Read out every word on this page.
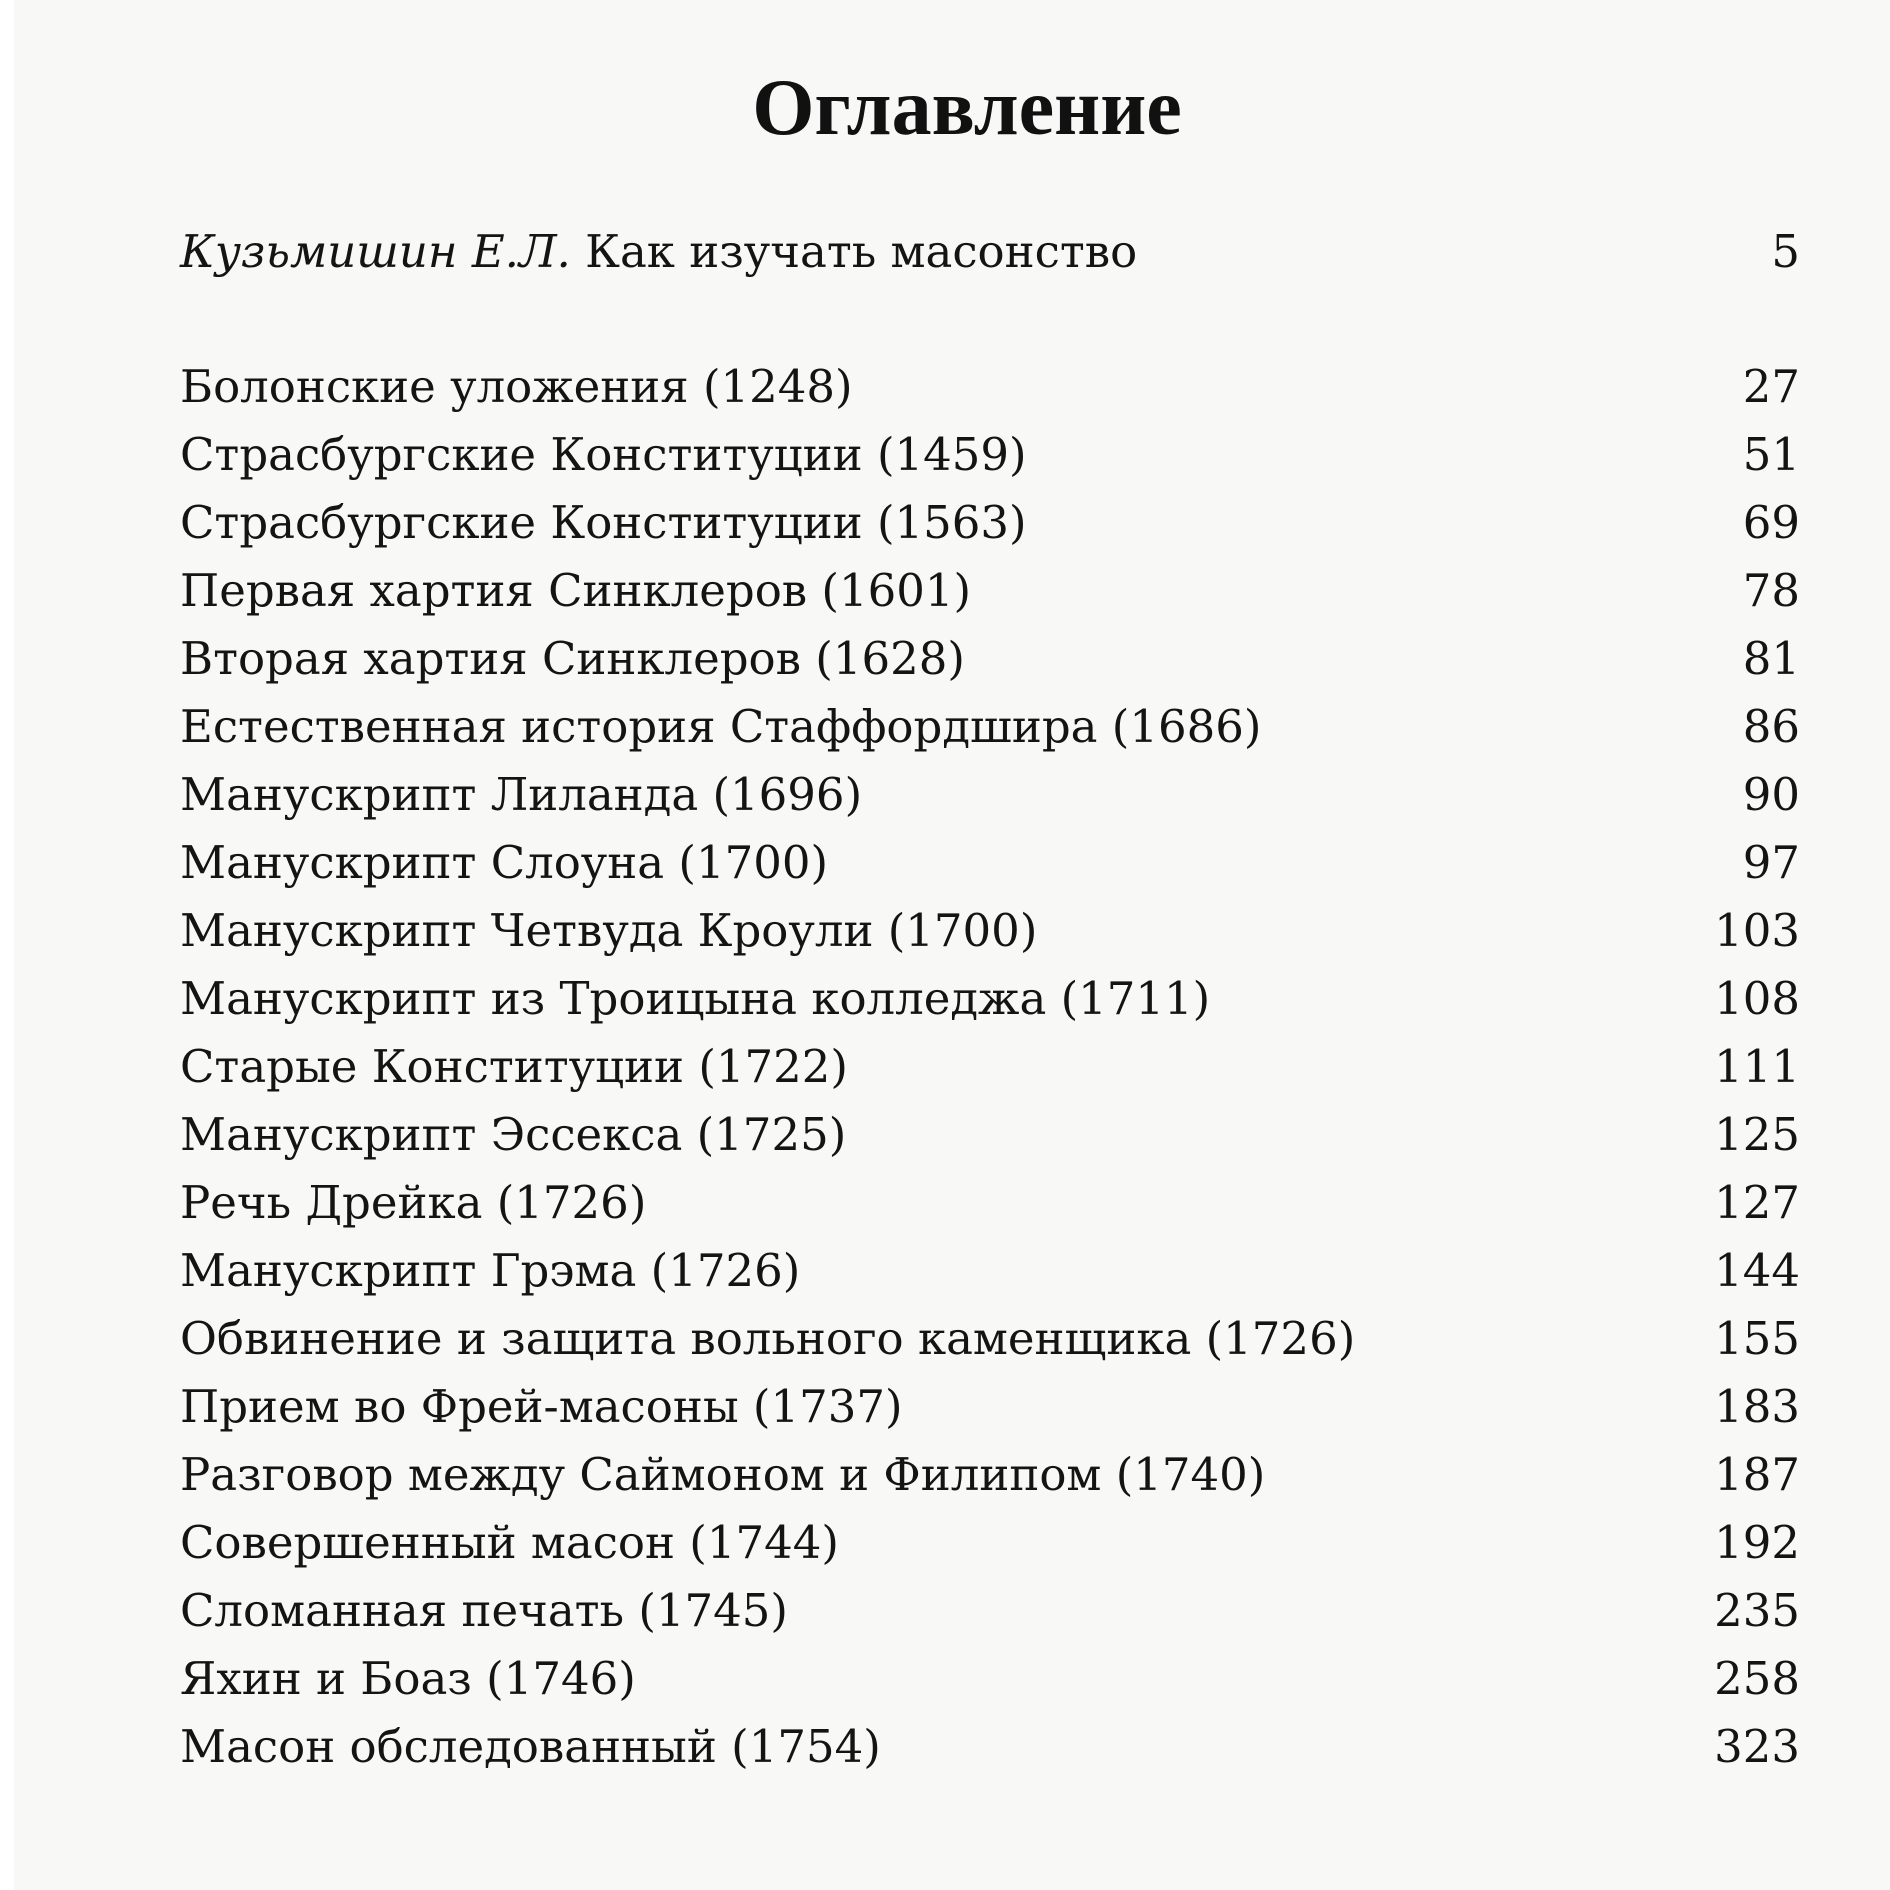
Оглавление
Кузьмишин Е.Л. Как изучать масонство	5
Болонские уложения (1248)	27
Страсбургские Конституции (1459)	51
Страсбургские Конституции (1563)	69
Первая хартия Синклеров (1601)	78
Вторая хартия Синклеров (1628)	81
Естественная история Стаффордшира (1686)	86
Манускрипт Лиланда (1696)	90
Манускрипт Слоуна (1700)	97
Манускрипт Четвуда Кроули (1700)	103
Манускрипт из Троицына колледжа (1711)	108
Старые Конституции (1722)	111
Манускрипт Эссекса (1725)	125
Речь Дрейка (1726)	127
Манускрипт Грэма (1726)	144
Обвинение и защита вольного каменщика (1726)	155
Прием во Фрей-масоны (1737)	183
Разговор между Саймоном и Филипом (1740)	187
Совершенный масон (1744)	192
Сломанная печать (1745)	235
Яхин и Боаз (1746)	258
Масон обследованный (1754)	323
